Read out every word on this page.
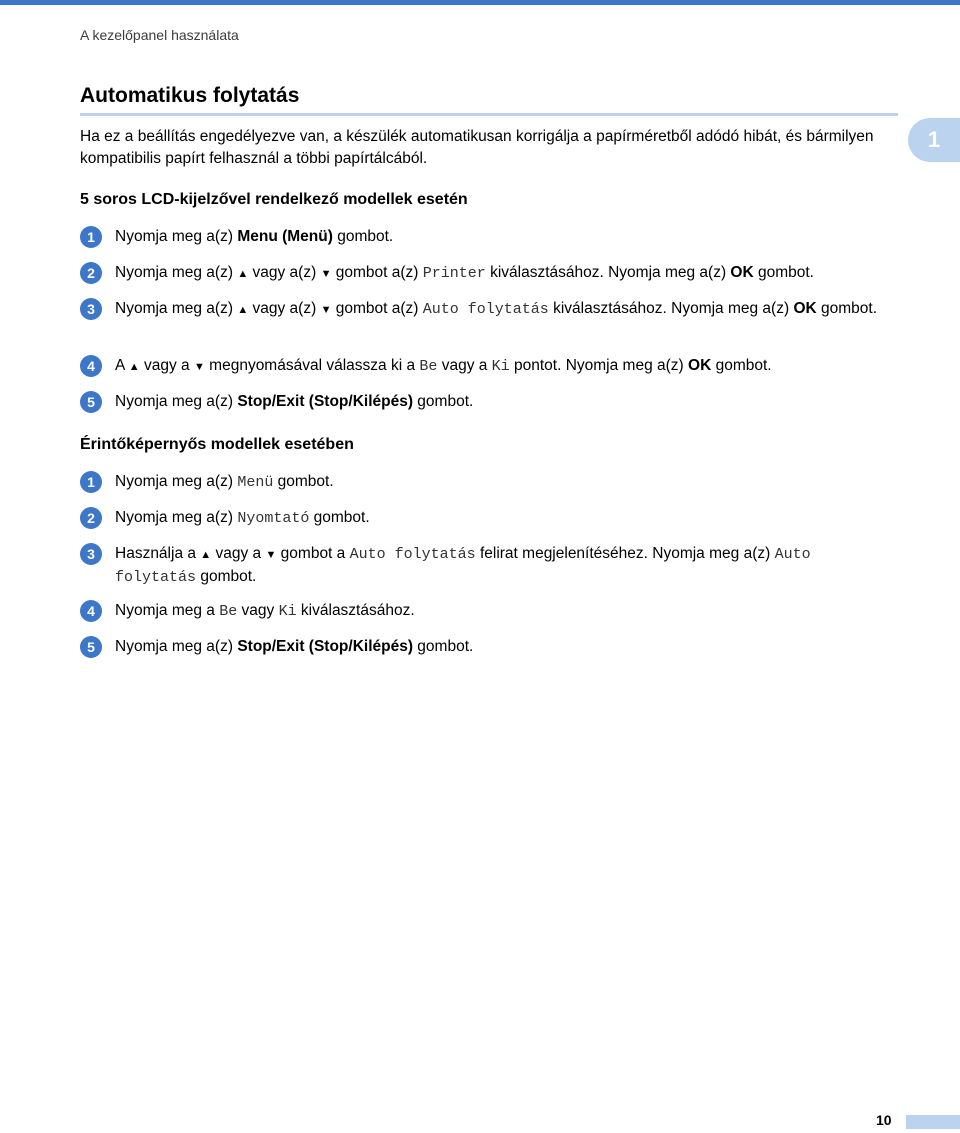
A kezelőpanel használata
1
Automatikus folytatás

Ha ez a beállítás engedélyezve van, a készülék automatikusan korrigálja a papírméretből adódó hibát, és bármilyen kompatibilis papírt felhasznál a többi papírtálcából.

5 soros LCD-kijelzővel rendelkező modellek esetén
1	Nyomja meg a(z) Menu (Menü) gombot.
2	Nyomja meg a(z) ▲ vagy a(z) ▼ gombot a(z) Printer kiválasztásához. Nyomja meg a(z) OK gombot.
3	Nyomja meg a(z) ▲ vagy a(z) ▼ gombot a(z) Auto folytatás kiválasztásához. Nyomja meg a(z) OK gombot.
4	A ▲ vagy a ▼ megnyomásával válassza ki a Be vagy a Ki pontot. Nyomja meg a(z) OK gombot.
5	Nyomja meg a(z) Stop/Exit (Stop/Kilépés) gombot.
Érintőképernyős modellek esetében
1	Nyomja meg a(z) Menü gombot.
2	Nyomja meg a(z) Nyomtató gombot.
3	Használja a ▲ vagy a ▼ gombot a Auto folytatás felirat megjelenítéséhez. Nyomja meg a(z) Auto folytatás gombot.
4	Nyomja meg a Be vagy Ki kiválasztásához.
5	Nyomja meg a(z) Stop/Exit (Stop/Kilépés) gombot.
10
